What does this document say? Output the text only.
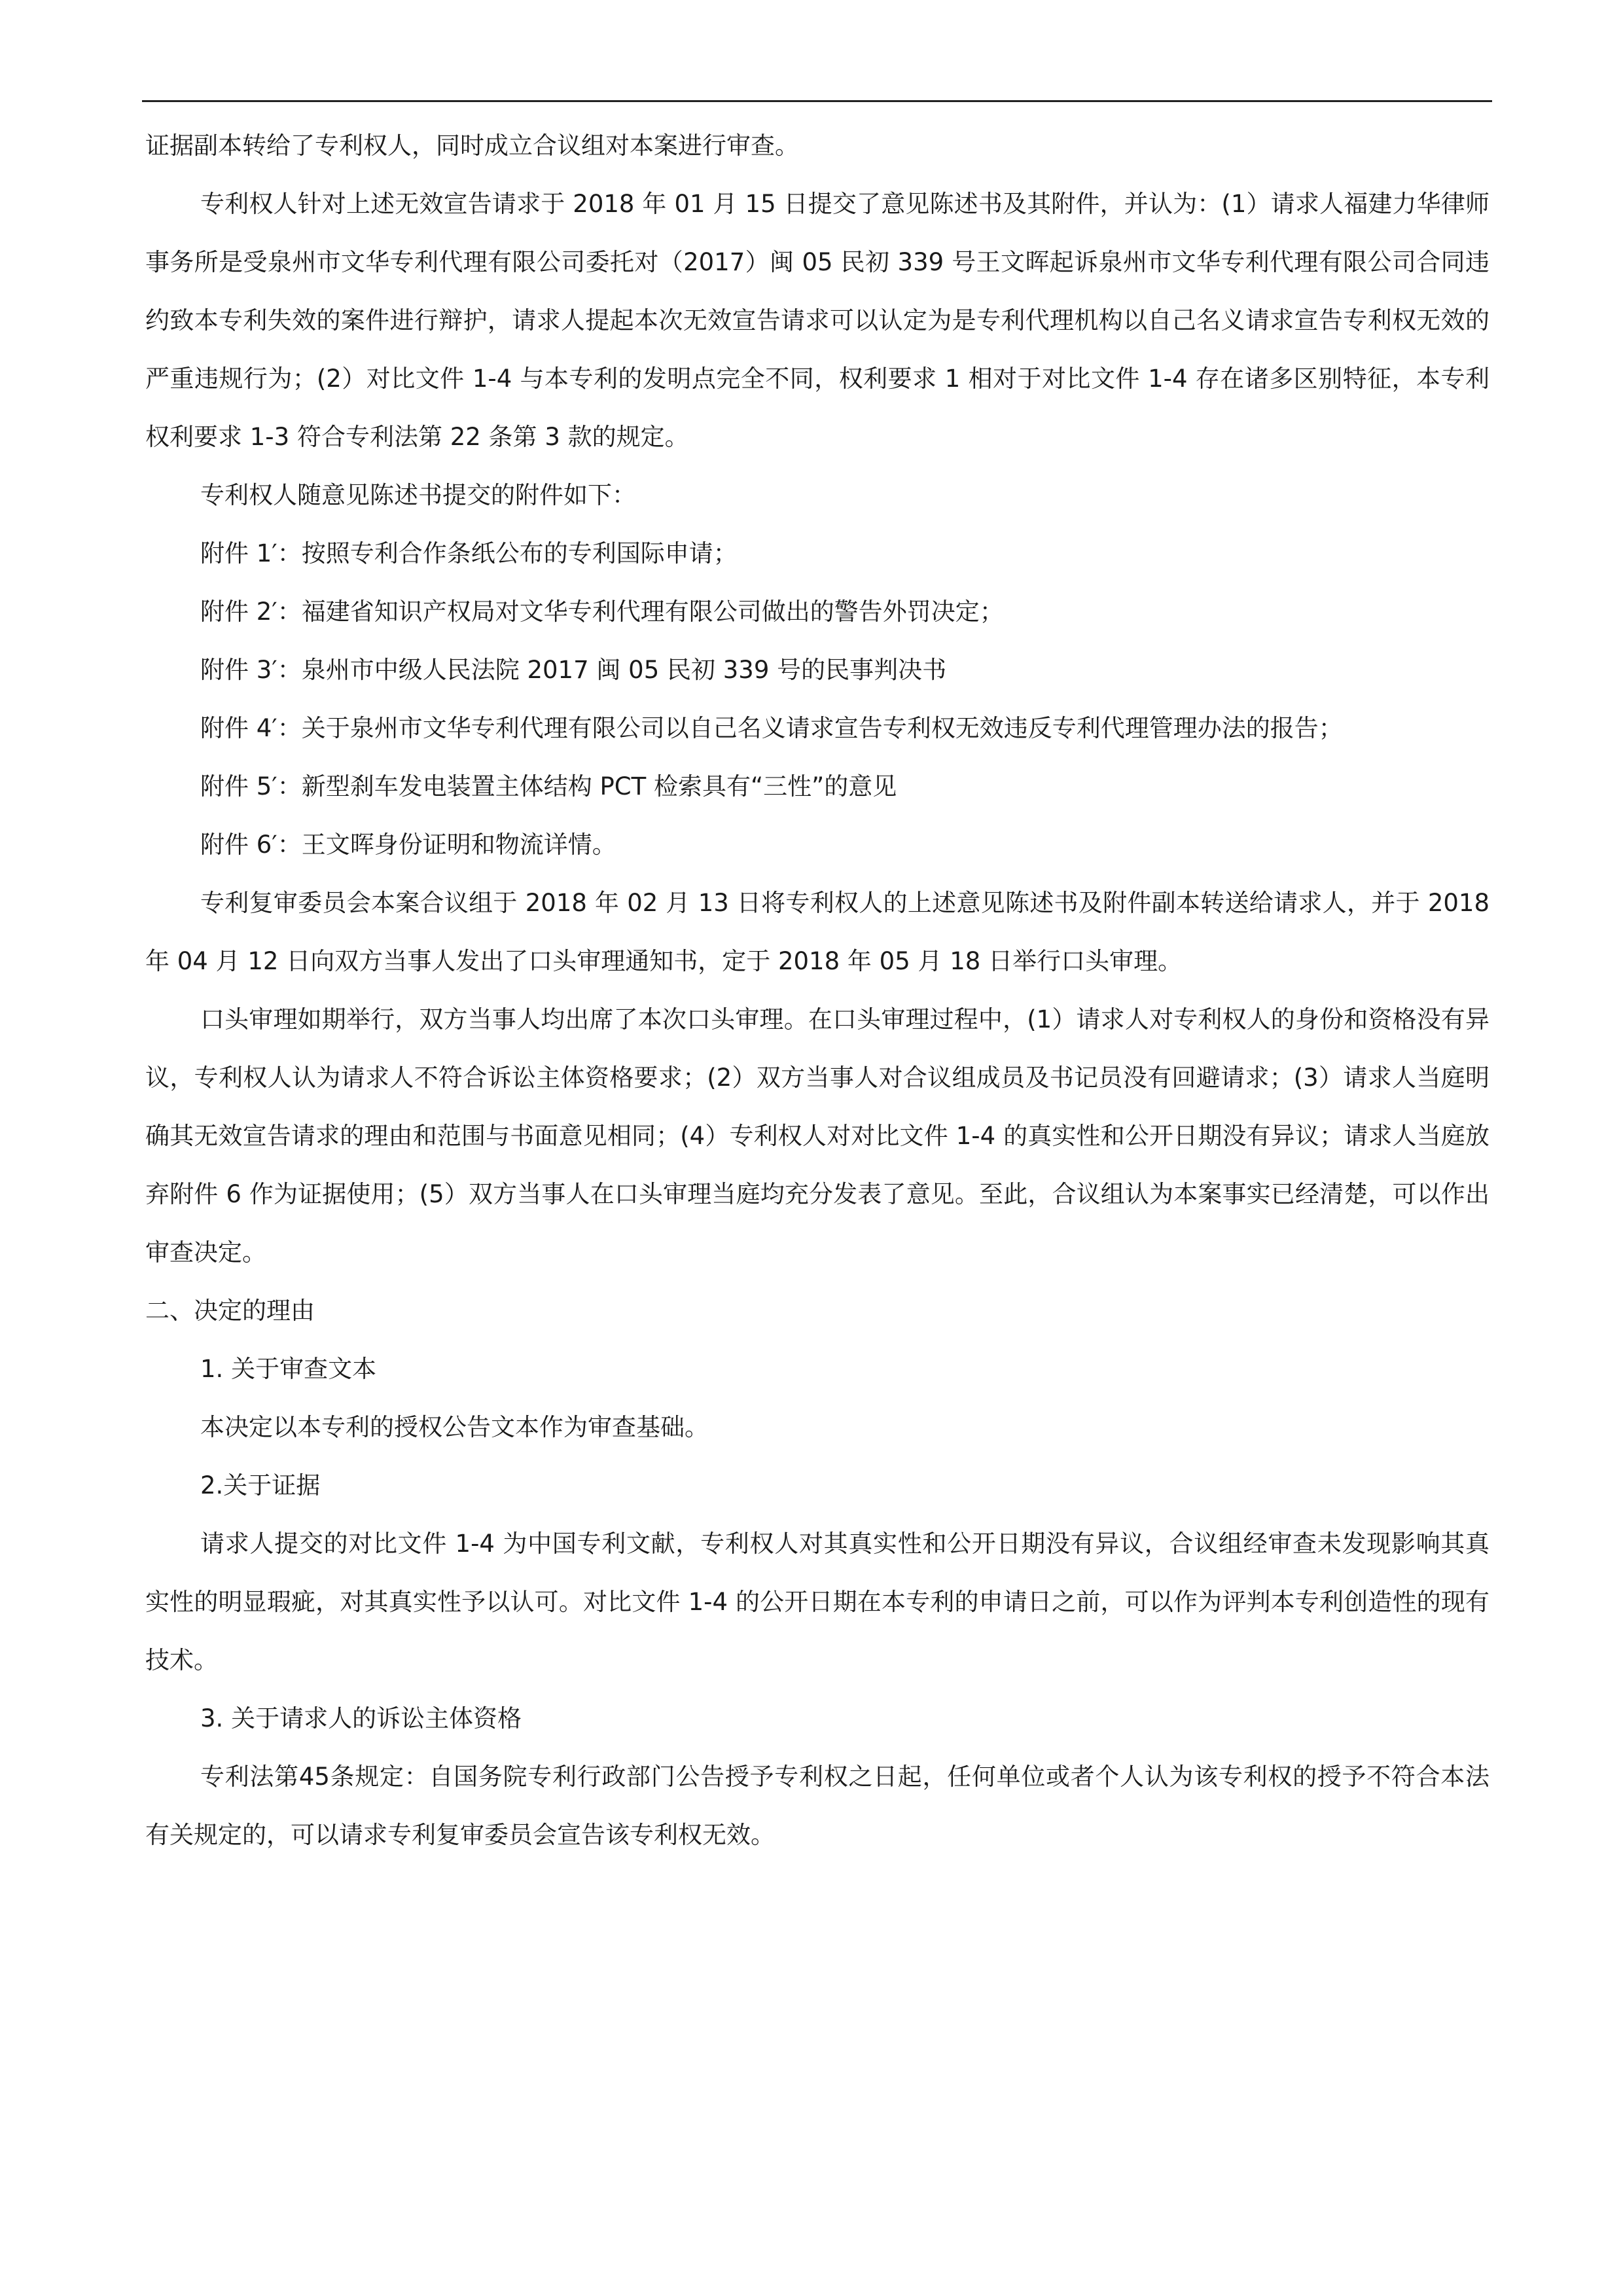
证据副本转给了专利权人，同时成立合议组对本案进行审查。

专利权人针对上述无效宣告请求于 2018 年 01 月 15 日提交了意见陈述书及其附件，并认为：(1）请求人福建力华律师事务所是受泉州市文华专利代理有限公司委托对（2017）闽 05 民初 339 号王文晖起诉泉州市文华专利代理有限公司合同违约致本专利失效的案件进行辩护，请求人提起本次无效宣告请求可以认定为是专利代理机构以自己名义请求宣告专利权无效的严重违规行为；(2）对比文件 1-4 与本专利的发明点完全不同，权利要求 1 相对于对比文件 1-4 存在诸多区别特征，本专利权利要求 1-3 符合专利法第 22 条第 3 款的规定。

专利权人随意见陈述书提交的附件如下：

附件 1′：按照专利合作条纸公布的专利国际申请；

附件 2′：福建省知识产权局对文华专利代理有限公司做出的警告外罚决定；

附件 3′：泉州市中级人民法院 2017 闽 05 民初 339 号的民事判决书

附件 4′：关于泉州市文华专利代理有限公司以自己名义请求宣告专利权无效违反专利代理管理办法的报告；

附件 5′：新型刹车发电装置主体结构 PCT 检索具有“三性”的意见

附件 6′：王文晖身份证明和物流详情。

专利复审委员会本案合议组于 2018 年 02 月 13 日将专利权人的上述意见陈述书及附件副本转送给请求人，并于 2018 年 04 月 12 日向双方当事人发出了口头审理通知书，定于 2018 年 05 月 18 日举行口头审理。

口头审理如期举行，双方当事人均出席了本次口头审理。在口头审理过程中，(1）请求人对专利权人的身份和资格没有异议，专利权人认为请求人不符合诉讼主体资格要求；(2）双方当事人对合议组成员及书记员没有回避请求；(3）请求人当庭明确其无效宣告请求的理由和范围与书面意见相同；(4）专利权人对对比文件 1-4 的真实性和公开日期没有异议；请求人当庭放弃附件 6 作为证据使用；(5）双方当事人在口头审理当庭均充分发表了意见。至此，合议组认为本案事实已经清楚，可以作出审查决定。

二、决定的理由

1. 关于审查文本

本决定以本专利的授权公告文本作为审查基础。

2.关于证据

请求人提交的对比文件 1-4 为中国专利文献，专利权人对其真实性和公开日期没有异议，合议组经审查未发现影响其真实性的明显瑕疵，对其真实性予以认可。对比文件 1-4 的公开日期在本专利的申请日之前，可以作为评判本专利创造性的现有技术。

3. 关于请求人的诉讼主体资格

专利法第45条规定：自国务院专利行政部门公告授予专利权之日起，任何单位或者个人认为该专利权的授予不符合本法有关规定的，可以请求专利复审委员会宣告该专利权无效。
